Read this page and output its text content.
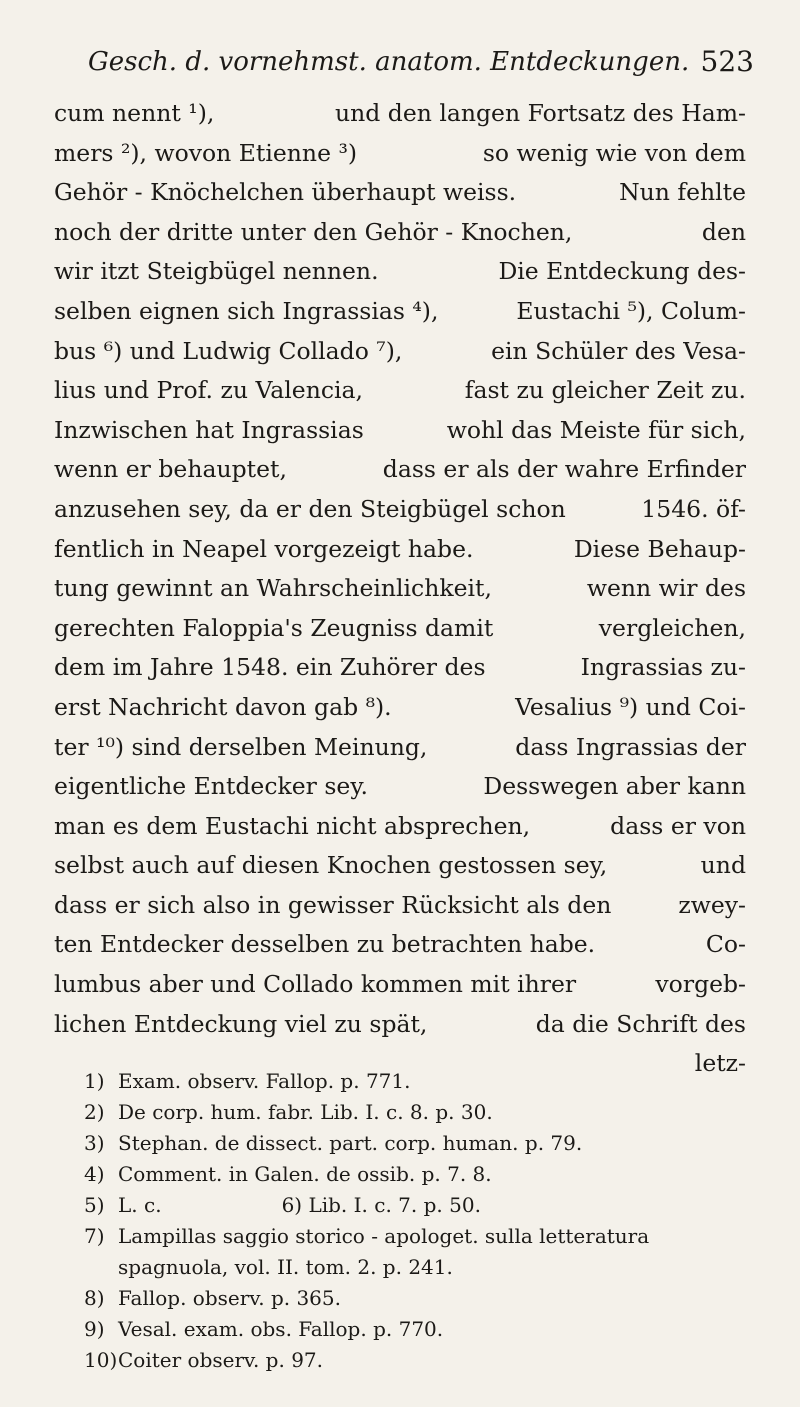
Gesch. d. vornehmst. anatom. Entdeckungen. 523
cum nennt ¹),	und den langen Fortsatz des Ham-
mers ²), wovon Etienne ³)	so wenig wie von dem
Gehör - Knöchelchen überhaupt weiss.	Nun fehlte
noch der dritte unter den Gehör - Knochen,	den
wir itzt Steigbügel nennen.	Die Entdeckung des-
selben eignen sich Ingrassias ⁴),	Eustachi ⁵), Colum-
bus ⁶) und Ludwig Collado ⁷),	ein Schüler des Vesa-
lius und Prof. zu Valencia,	fast zu gleicher Zeit zu.
Inzwischen hat Ingrassias	wohl das Meiste für sich,
wenn er behauptet,	dass er als der wahre Erfinder
anzusehen sey, da er den Steigbügel schon	1546. öf-
fentlich in Neapel vorgezeigt habe.	Diese Behaup-
tung gewinnt an Wahrscheinlichkeit,	wenn wir des
gerechten Faloppia's Zeugniss damit	vergleichen,
dem im Jahre 1548. ein Zuhörer des	Ingrassias zu-
erst Nachricht davon gab ⁸).	Vesalius ⁹) und Coi-
ter ¹⁰) sind derselben Meinung,	dass Ingrassias der
eigentliche Entdecker sey.	Desswegen aber kann
man es dem Eustachi nicht absprechen,	dass er von
selbst auch auf diesen Knochen gestossen sey,	und
dass er sich also in gewisser Rücksicht als den	zwey-
ten Entdecker desselben zu betrachten habe.	Co-
lumbus aber und Collado kommen mit ihrer	vorgeb-
lichen Entdeckung viel zu spät,	da die Schrift des
letz-
1) Exam. observ. Fallop. p. 771.
2) De corp. hum. fabr. Lib. I. c. 8. p. 30.
3) Stephan. de dissect. part. corp. human. p. 79.
4) Comment. in Galen. de ossib. p. 7. 8.
5) L. c.	6) Lib. I. c. 7. p. 50.
7) Lampillas saggio storico - apologet. sulla letteratura
spagnuola, vol. II. tom. 2. p. 241.
8) Fallop. observ. p. 365.
9) Vesal. exam. obs. Fallop. p. 770.
10)Coiter observ. p. 97.
